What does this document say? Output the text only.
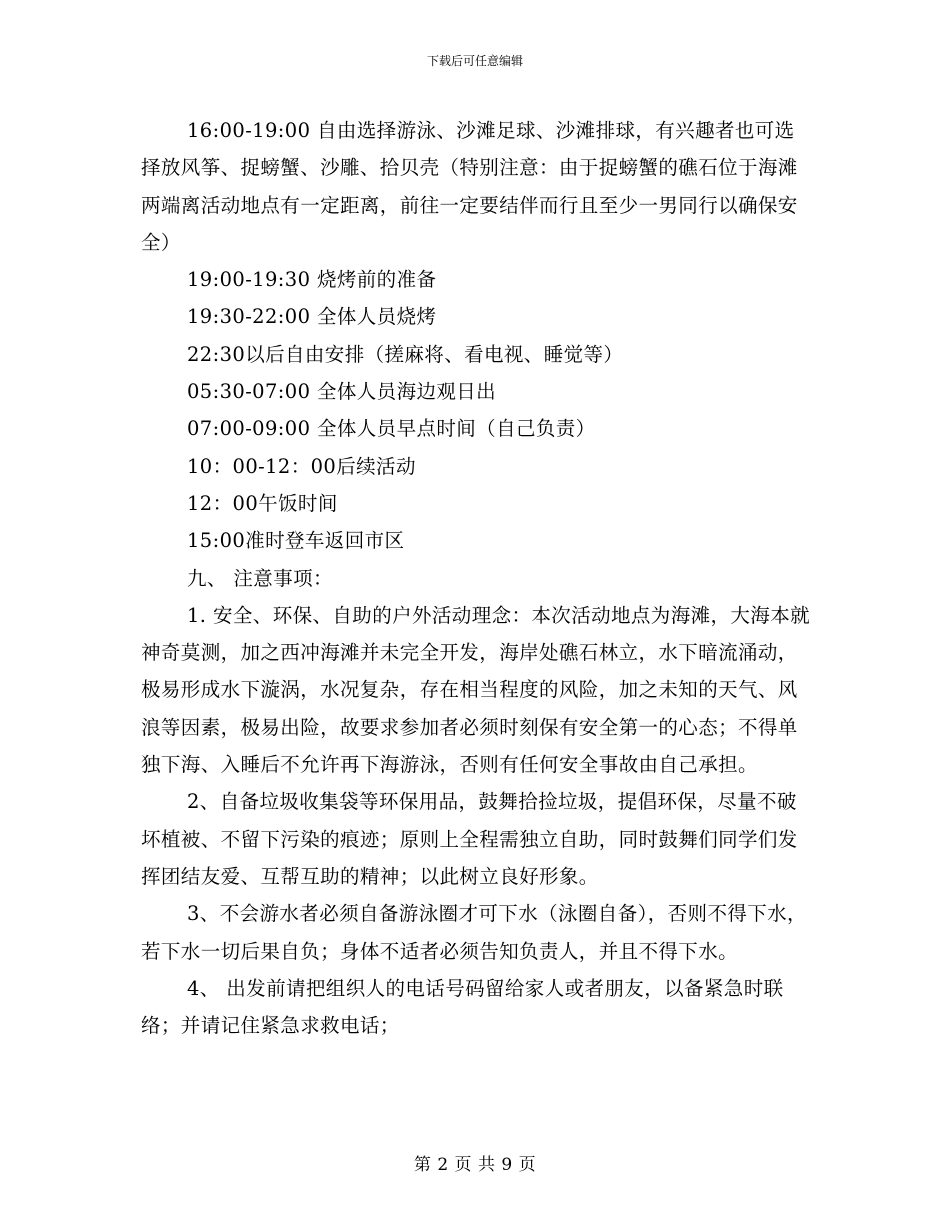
下载后可任意编辑

16:00-19:00 自由选择游泳、沙滩足球、沙滩排球，有兴趣者也可选择放风筝、捉螃蟹、沙雕、拾贝壳（特别注意：由于捉螃蟹的礁石位于海滩两端离活动地点有一定距离，前往一定要结伴而行且至少一男同行以确保安全）

19:00-19:30 烧烤前的准备

19:30-22:00 全体人员烧烤

22:30以后自由安排（搓麻将、看电视、睡觉等）

05:30-07:00 全体人员海边观日出

07:00-09:00 全体人员早点时间（自己负责）

10：00-12：00后续活动

12：00午饭时间

15:00准时登车返回市区

九、 注意事项：

1. 安全、环保、自助的户外活动理念：本次活动地点为海滩，大海本就神奇莫测，加之西冲海滩并未完全开发，海岸处礁石林立，水下暗流涌动，极易形成水下漩涡，水况复杂，存在相当程度的风险，加之未知的天气、风浪等因素，极易出险，故要求参加者必须时刻保有安全第一的心态；不得单独下海、入睡后不允许再下海游泳，否则有任何安全事故由自己承担。

2、自备垃圾收集袋等环保用品，鼓舞拾捡垃圾，提倡环保，尽量不破坏植被、不留下污染的痕迹；原则上全程需独立自助，同时鼓舞们同学们发挥团结友爱、互帮互助的精神；以此树立良好形象。

3、不会游水者必须自备游泳圈才可下水（泳圈自备），否则不得下水，若下水一切后果自负；身体不适者必须告知负责人，并且不得下水。

4、 出发前请把组织人的电话号码留给家人或者朋友，以备紧急时联络；并请记住紧急求救电话；

第 2 页 共 9 页
